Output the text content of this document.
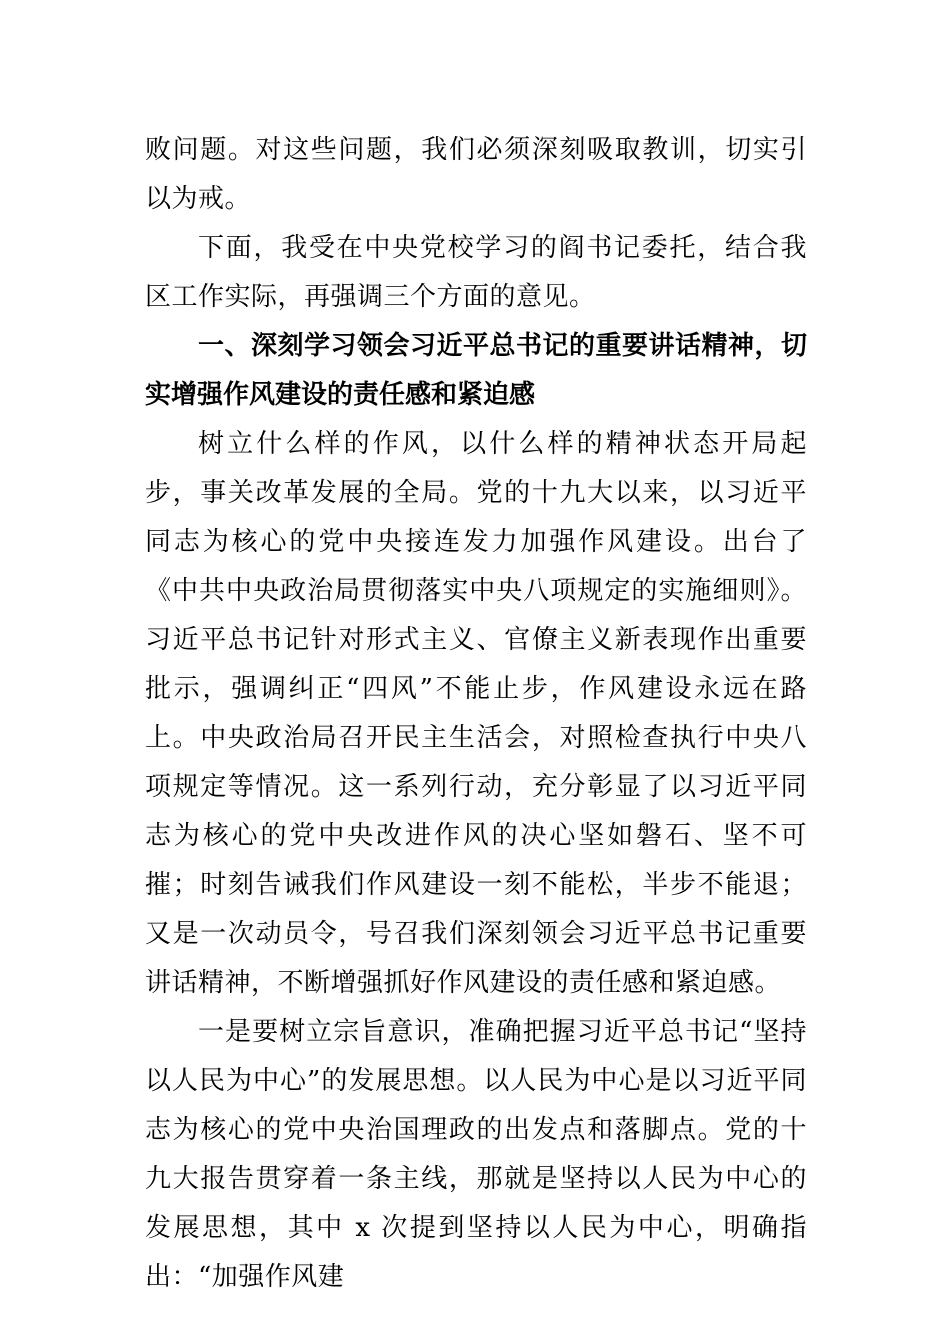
败问题。对这些问题，我们必须深刻吸取教训，切实引以为戒。

下面，我受在中央党校学习的阎书记委托，结合我区工作实际，再强调三个方面的意见。

一、深刻学习领会习近平总书记的重要讲话精神，切实增强作风建设的责任感和紧迫感

树立什么样的作风，以什么样的精神状态开局起步，事关改革发展的全局。党的十九大以来，以习近平同志为核心的党中央接连发力加强作风建设。出台了《中共中央政治局贯彻落实中央八项规定的实施细则》。习近平总书记针对形式主义、官僚主义新表现作出重要批示，强调纠正“四风”不能止步，作风建设永远在路上。中央政治局召开民主生活会，对照检查执行中央八项规定等情况。这一系列行动，充分彰显了以习近平同志为核心的党中央改进作风的决心坚如磐石、坚不可摧；时刻告诫我们作风建设一刻不能松，半步不能退；又是一次动员令，号召我们深刻领会习近平总书记重要讲话精神，不断增强抓好作风建设的责任感和紧迫感。

一是要树立宗旨意识，准确把握习近平总书记“坚持以人民为中心”的发展思想。以人民为中心是以习近平同志为核心的党中央治国理政的出发点和落脚点。党的十九大报告贯穿着一条主线，那就是坚持以人民为中心的发展思想，其中 x 次提到坚持以人民为中心，明确指出：“加强作风建
